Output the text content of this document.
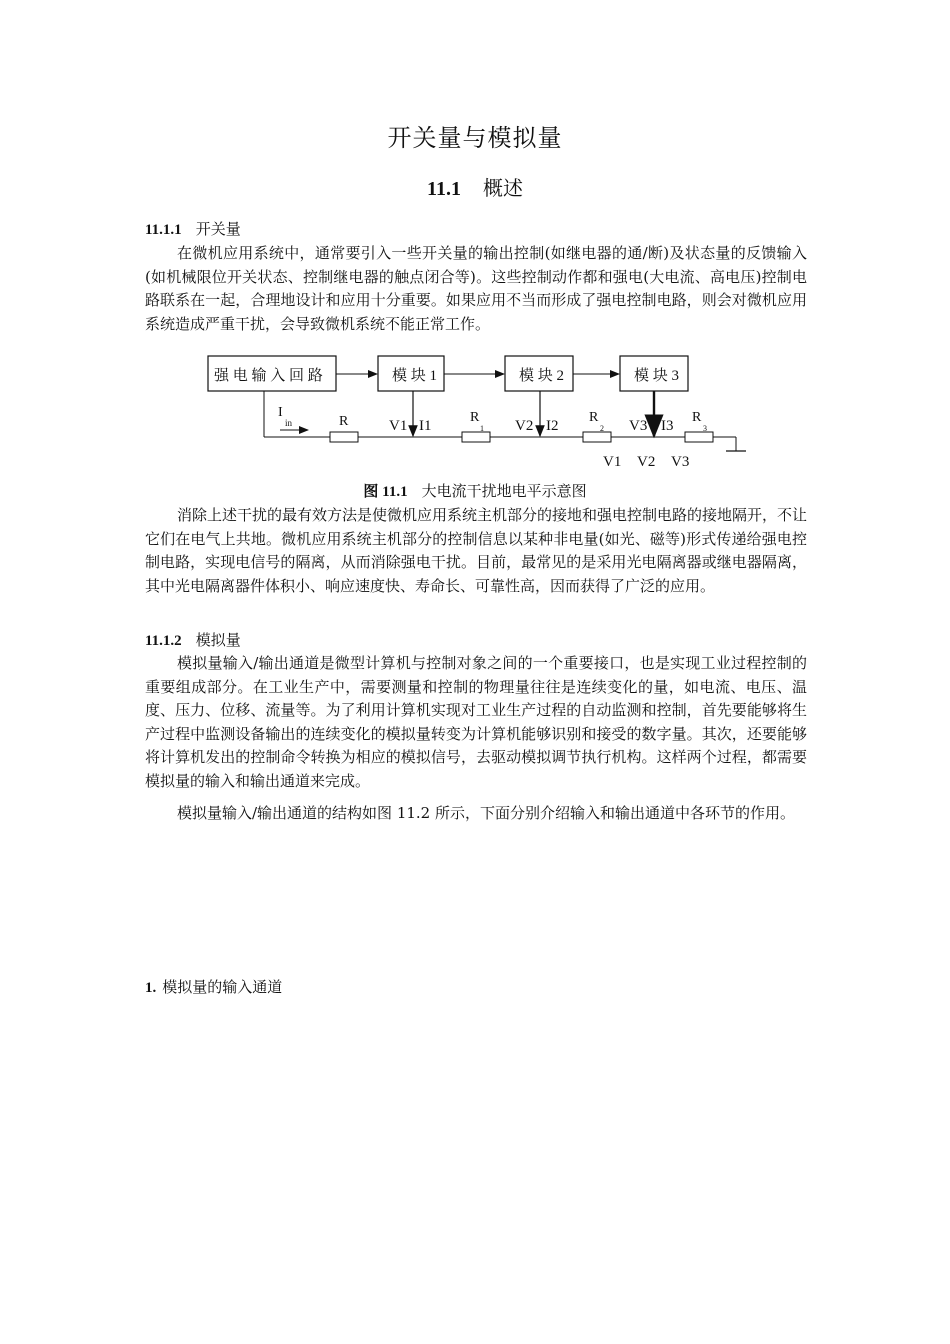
开关量与模拟量
11.1 概述
11.1.1 开关量

在微机应用系统中，通常要引入一些开关量的输出控制(如继电器的通/断)及状态量的反馈输入(如机械限位开关状态、控制继电器的触点闭合等)。这些控制动作都和强电(大电流、高电压)控制电路联系在一起，合理地设计和应用十分重要。如果应用不当而形成了强电控制电路，则会对微机应用系统造成严重干扰，会导致微机系统不能正常工作。

强 电 输 入 回 路	模 块 1	模 块 2	模 块 3
I
in	R	R
1
R
2
R
3
V1 I1	V2 I2	V3 I3
V1 V2 V3
图 11.1 大电流干扰地电平示意图

消除上述干扰的最有效方法是使微机应用系统主机部分的接地和强电控制电路的接地隔开，不让它们在电气上共地。微机应用系统主机部分的控制信息以某种非电量(如光、磁等)形式传递给强电控制电路，实现电信号的隔离，从而消除强电干扰。目前，最常见的是采用光电隔离器或继电器隔离，其中光电隔离器件体积小、响应速度快、寿命长、可靠性高，因而获得了广泛的应用。

11.1.2 模拟量

模拟量输入/输出通道是微型计算机与控制对象之间的一个重要接口，也是实现工业过程控制的重要组成部分。在工业生产中，需要测量和控制的物理量往往是连续变化的量，如电流、电压、温度、压力、位移、流量等。为了利用计算机实现对工业生产过程的自动监测和控制，首先要能够将生产过程中监测设备输出的连续变化的模拟量转变为计算机能够识别和接受的数字量。其次，还要能够将计算机发出的控制命令转换为相应的模拟信号，去驱动模拟调节执行机构。这样两个过程，都需要模拟量的输入和输出通道来完成。

模拟量输入/输出通道的结构如图 11.2 所示，下面分别介绍输入和输出通道中各环节的作用。

1. 模拟量的输入通道
